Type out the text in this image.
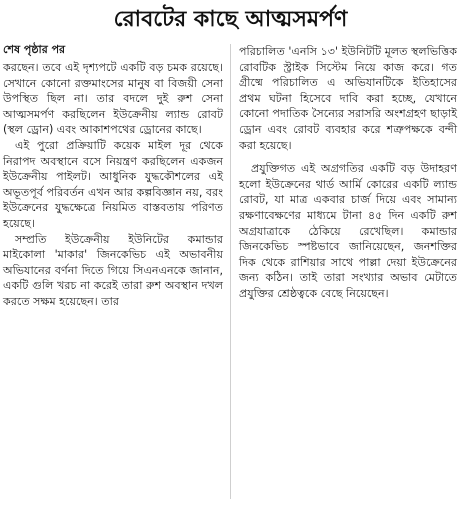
রোবটের কাছে আত্মসমর্পণ

শেষ পৃষ্ঠার পর

করছেন। তবে এই দৃশ্যপটে একটি বড় চমক রয়েছে। সেখানে কোনো রক্তমাংসের মানুষ বা বিজয়ী সেনা উপস্থিত ছিল না। তার বদলে দুই রুশ সেনা আত্মসমর্পণ করছিলেন ইউক্রেনীয় ল্যান্ড রোবট (স্থল ড্রোন) এবং আকাশপথের ড্রোনের কাছে।

এই পুরো প্রক্রিয়াটি কয়েক মাইল দূর থেকে নিরাপদ অবস্থানে বসে নিয়ন্ত্রণ করছিলেন একজন ইউক্রেনীয় পাইলট। আধুনিক যুদ্ধকৌশলের এই অভূতপূর্ব পরিবর্তন এখন আর কল্পবিজ্ঞান নয়, বরং ইউক্রেনের যুদ্ধক্ষেত্রে নিয়মিত বাস্তবতায় পরিণত হয়েছে।

সম্প্রতি ইউক্রেনীয় ইউনিটের কমান্ডার মাইকোলা 'মাকার' জিনকেভিচ এই অভাবনীয় অভিযানের বর্ণনা দিতে গিয়ে সিএনএনকে জানান, একটি গুলি খরচ না করেই তারা রুশ অবস্থান দখল করতে সক্ষম হয়েছেন। তার

পরিচালিত 'এনসি ১৩' ইউনিটটি মূলত স্থলভিত্তিক রোবটিক স্ট্রাইক সিস্টেম নিয়ে কাজ করে। গত গ্রীষ্মে পরিচালিত এ অভিযানটিকে ইতিহাসের প্রথম ঘটনা হিসেবে দাবি করা হচ্ছে, যেখানে কোনো পদাতিক সৈন্যের সরাসরি অংশগ্রহণ ছাড়াই ড্রোন এবং রোবট ব্যবহার করে শত্রুপক্ষকে বন্দী করা হয়েছে।

প্রযুক্তিগত এই অগ্রগতির একটি বড় উদাহরণ হলো ইউক্রেনের থার্ড আর্মি কোরের একটি ল্যান্ড রোবট, যা মাত্র একবার চার্জ দিয়ে এবং সামান্য রক্ষণাবেক্ষণের মাধ্যমে টানা ৪৫ দিন একটি রুশ অগ্রযাত্রাকে ঠেকিয়ে রেখেছিল। কমান্ডার জিনকেভিচ স্পষ্টভাবে জানিয়েছেন, জনশক্তির দিক থেকে রাশিয়ার সাথে পাল্লা দেয়া ইউক্রেনের জন্য কঠিন। তাই তারা সংখ্যার অভাব মেটাতে প্রযুক্তির শ্রেষ্ঠত্বকে বেছে নিয়েছেন।
